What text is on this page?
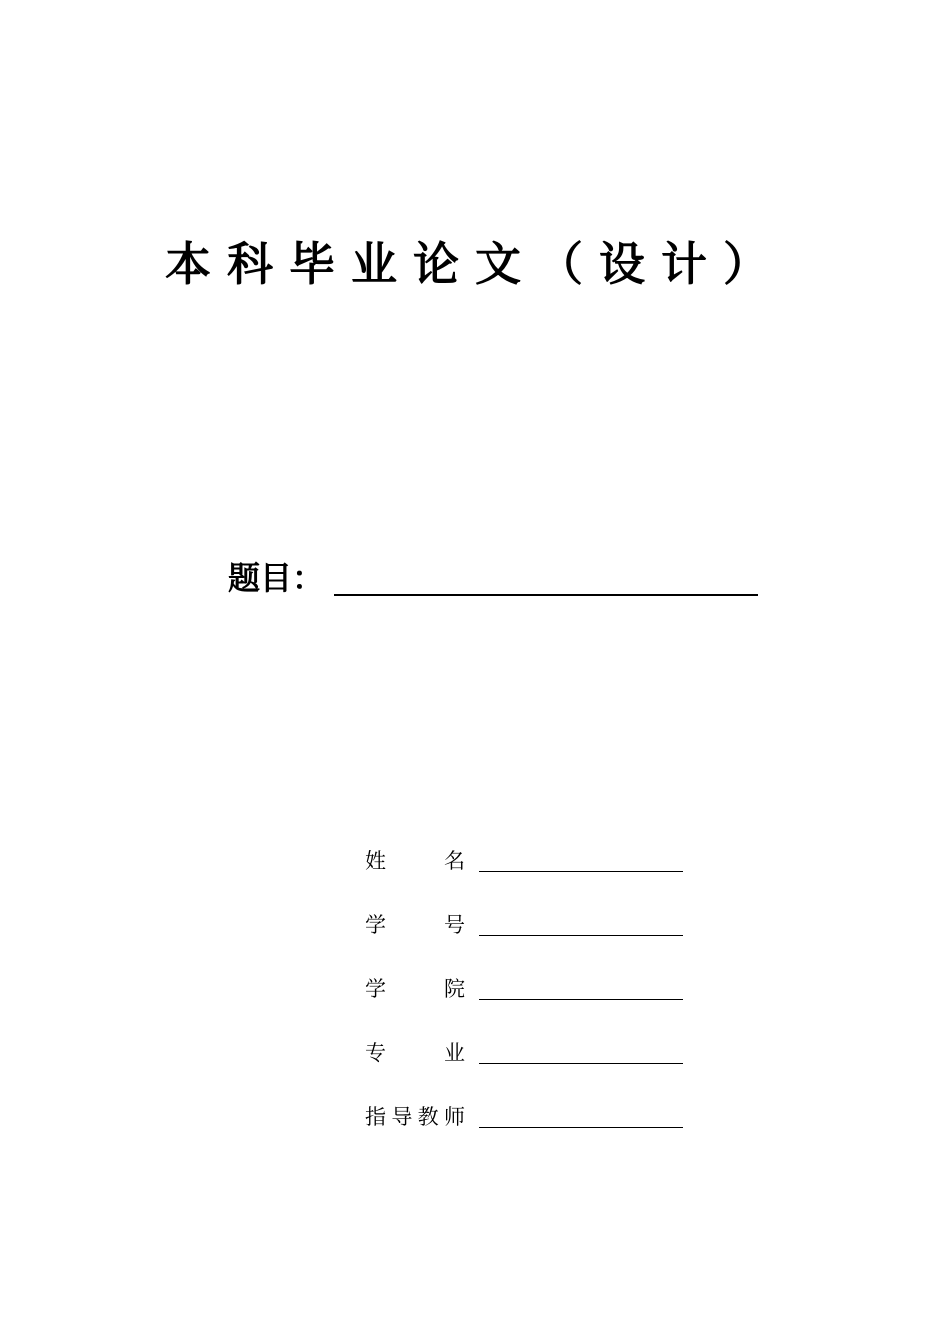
本科毕业论文（设计）
题目：
姓　名
学　号
学　院
专　业
指导教师
